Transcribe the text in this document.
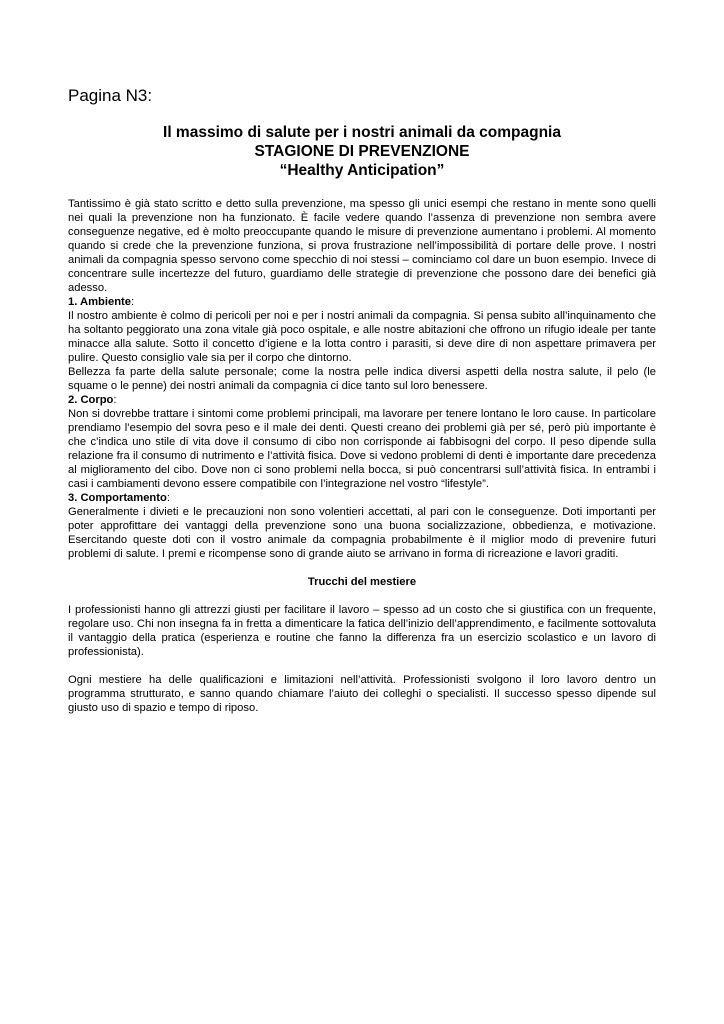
Pagina N3:
Il massimo di salute per i nostri animali da compagnia
STAGIONE DI PREVENZIONE
“Healthy Anticipation”

Tantissimo è già stato scritto e detto sulla prevenzione, ma spesso gli unici esempi che restano in mente sono quelli nei quali la prevenzione non ha funzionato. È facile vedere quando l’assenza di prevenzione non sembra avere conseguenze negative, ed è molto preoccupante quando le misure di prevenzione aumentano i problemi. Al momento quando si crede che la prevenzione funziona, si prova frustrazione nell’impossibilità di portare delle prove. I nostri animali da compagnia spesso servono come specchio di noi stessi – cominciamo col dare un buon esempio. Invece di concentrare sulle incertezze del futuro, guardiamo delle strategie di prevenzione che possono dare dei benefici già adesso.

1. Ambiente:

Il nostro ambiente è colmo di pericoli per noi e per i nostri animali da compagnia. Si pensa subito all’inquinamento che ha soltanto peggiorato una zona vitale già poco ospitale, e alle nostre abitazioni che offrono un rifugio ideale per tante minacce alla salute. Sotto il concetto d’igiene e la lotta contro i parasiti, si deve dire di non aspettare primavera per pulire. Questo consiglio vale sia per il corpo che dintorno.

Bellezza fa parte della salute personale; come la nostra pelle indica diversi aspetti della nostra salute, il pelo (le squame o le penne) dei nostri animali da compagnia ci dice tanto sul loro benessere.

2. Corpo:

Non si dovrebbe trattare i sintomi come problemi principali, ma lavorare per tenere lontano le loro cause. In particolare prendiamo l’esempio del sovra peso e il male dei denti. Questi creano dei problemi già per sé, però più importante è che c’indica uno stile di vita dove il consumo di cibo non corrisponde ai fabbisogni del corpo. Il peso dipende sulla relazione fra il consumo di nutrimento e l’attività fisica. Dove si vedono problemi di denti è importante dare precedenza al miglioramento del cibo. Dove non ci sono problemi nella bocca, si può concentrarsi sull’attività fisica. In entrambi i casi i cambiamenti devono essere compatibile con l’integrazione nel vostro “lifestyle”.

3. Comportamento:

Generalmente i divieti e le precauzioni non sono volentieri accettati, al pari con le conseguenze. Doti importanti per poter approfittare dei vantaggi della prevenzione sono una buona socializzazione, obbedienza, e motivazione. Esercitando queste doti con il vostro animale da compagnia probabilmente è il miglior modo di prevenire futuri problemi di salute. I premi e ricompense sono di grande aiuto se arrivano in forma di ricreazione e lavori graditi.

Trucchi del mestiere

I professionisti hanno gli attrezzi giusti per facilitare il lavoro – spesso ad un costo che si giustifica con un frequente, regolare uso. Chi non insegna fa in fretta a dimenticare la fatica dell’inizio dell’apprendimento, e facilmente sottovaluta il vantaggio della pratica (esperienza e routine che fanno la differenza fra un esercizio scolastico e un lavoro di professionista).

Ogni mestiere ha delle qualificazioni e limitazioni nell’attività. Professionisti svolgono il loro lavoro dentro un programma strutturato, e sanno quando chiamare l’aiuto dei colleghi o specialisti. Il successo spesso dipende sul giusto uso di spazio e tempo di riposo.
